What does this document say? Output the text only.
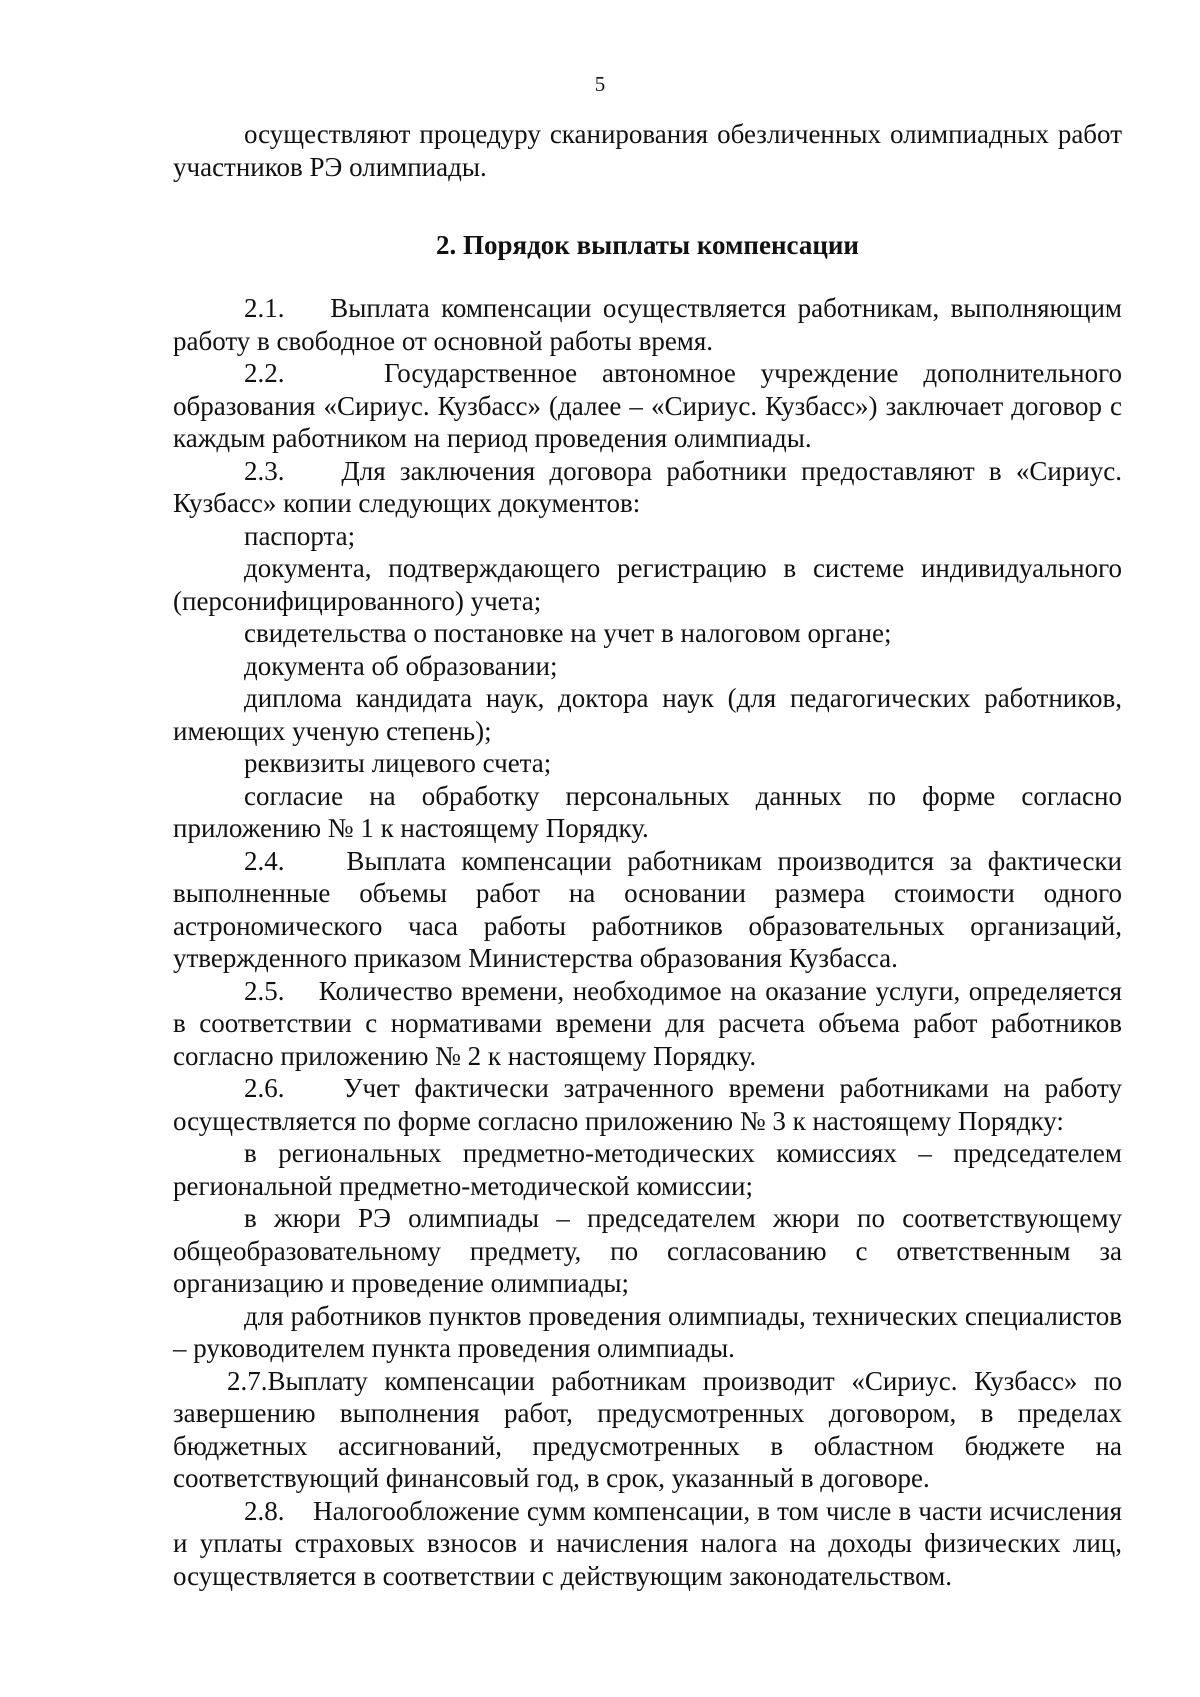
5

осуществляют процедуру сканирования обезличенных олимпиадных работ участников РЭ олимпиады.

2. Порядок выплаты компенсации

2.1.    Выплата компенсации осуществляется работникам, выполняющим работу в свободное от основной работы время.

2.2.    Государственное автономное учреждение дополнительного образования «Сириус. Кузбасс» (далее – «Сириус. Кузбасс») заключает договор с каждым работником на период проведения олимпиады.

2.3.    Для заключения договора работники предоставляют в «Сириус. Кузбасс» копии следующих документов:

паспорта;

документа, подтверждающего регистрацию в системе индивидуального (персонифицированного) учета;

свидетельства о постановке на учет в налоговом органе;

документа об образовании;

диплома кандидата наук, доктора наук (для педагогических работников, имеющих ученую степень);

реквизиты лицевого счета;

согласие на обработку персональных данных по форме согласно приложению № 1 к настоящему Порядку.

2.4.    Выплата компенсации работникам производится за фактически выполненные объемы работ на основании размера стоимости одного астрономического часа работы работников образовательных организаций, утвержденного приказом Министерства образования Кузбасса.

2.5.    Количество времени, необходимое на оказание услуги, определяется в соответствии с нормативами времени для расчета объема работ работников согласно приложению № 2 к настоящему Порядку.

2.6.    Учет фактически затраченного времени работниками на работу осуществляется по форме согласно приложению № 3 к настоящему Порядку:

в региональных предметно-методических комиссиях – председателем региональной предметно-методической комиссии;

в жюри РЭ олимпиады – председателем жюри по соответствующему общеобразовательному предмету, по согласованию с ответственным за организацию и проведение олимпиады;

для работников пунктов проведения олимпиады, технических специалистов – руководителем пункта проведения олимпиады.

2.7.Выплату компенсации работникам производит «Сириус. Кузбасс» по завершению выполнения работ, предусмотренных договором, в пределах бюджетных ассигнований, предусмотренных в областном бюджете на соответствующий финансовый год, в срок, указанный в договоре.

2.8.    Налогообложение сумм компенсации, в том числе в части исчисления и уплаты страховых взносов и начисления налога на доходы физических лиц, осуществляется в соответствии с действующим законодательством.
